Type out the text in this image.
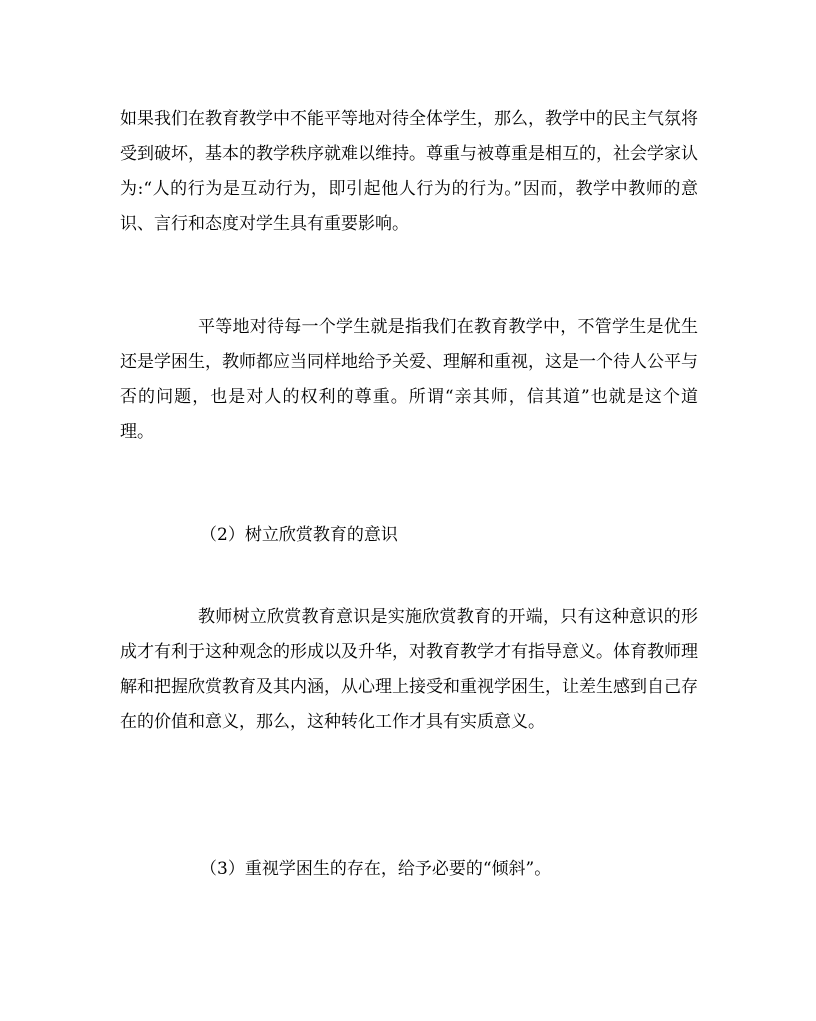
如果我们在教育教学中不能平等地对待全体学生，那么，教学中的民主气氛将受到破坏，基本的教学秩序就难以维持。尊重与被尊重是相互的，社会学家认为:“人的行为是互动行为，即引起他人行为的行为。”因而，教学中教师的意识、言行和态度对学生具有重要影响。

平等地对待每一个学生就是指我们在教育教学中，不管学生是优生还是学困生，教师都应当同样地给予关爱、理解和重视，这是一个待人公平与否的问题，也是对人的权利的尊重。所谓“亲其师，信其道”也就是这个道理。

（2）树立欣赏教育的意识

教师树立欣赏教育意识是实施欣赏教育的开端，只有这种意识的形成才有利于这种观念的形成以及升华，对教育教学才有指导意义。体育教师理解和把握欣赏教育及其内涵，从心理上接受和重视学困生，让差生感到自己存在的价值和意义，那么，这种转化工作才具有实质意义。

（3）重视学困生的存在，给予必要的“倾斜”。
